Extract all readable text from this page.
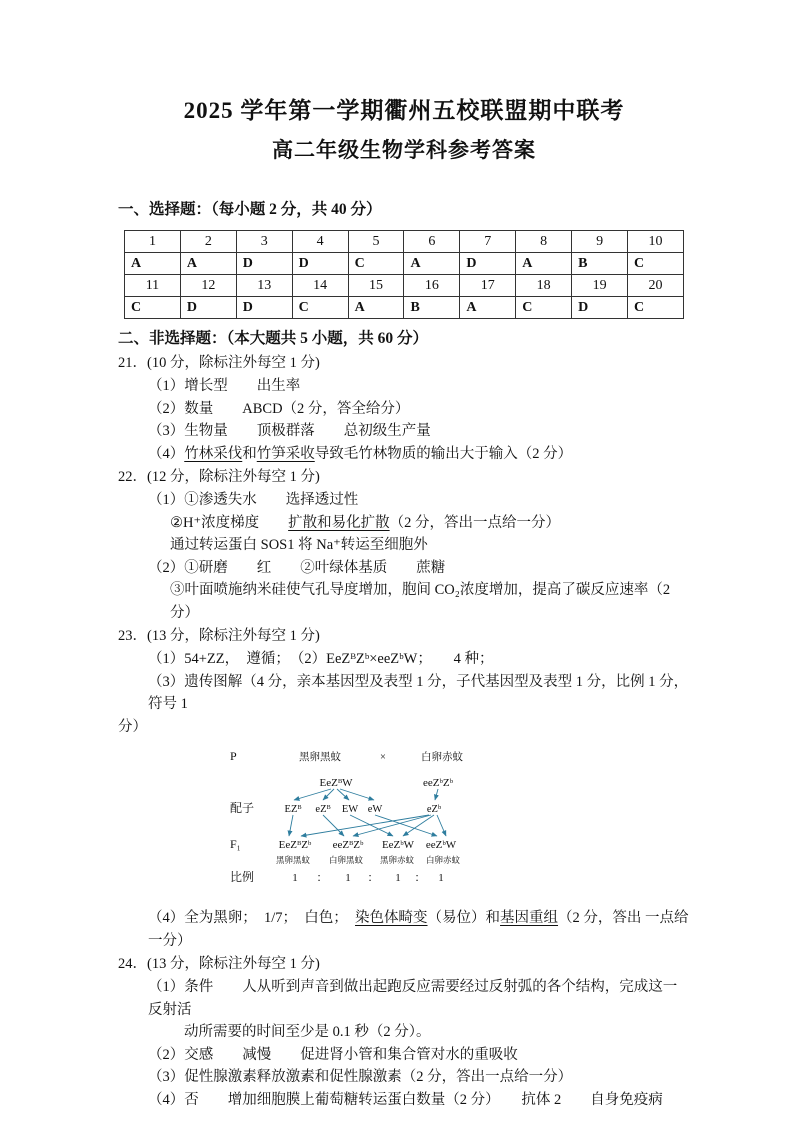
2025 学年第一学期衢州五校联盟期中联考
高二年级生物学科参考答案

一、选择题：（每小题 2 分，共 40 分）

1	2	3	4	5	6	7	8	9	10
A	A	D	D	C	A	D	A	B	C
11	12	13	14	15	16	17	18	19	20
C	D	D	C	A	B	A	C	D	C

二、非选择题：（本大题共 5 小题，共 60 分）

21．(10 分，除标注外每空 1 分)

（1）增长型　　出生率

（2）数量　　ABCD（2 分，答全给分）

（3）生物量　　顶极群落　　总初级生产量

（4）竹林采伐和竹笋采收导致毛竹林物质的输出大于输入（2 分）

22．(12 分，除标注外每空 1 分)

（1）①渗透失水　　选择透过性

②H⁺浓度梯度　　扩散和易化扩散（2 分，答出一点给一分）

通过转运蛋白 SOS1 将 Na⁺转运至细胞外

（2）①研磨　　红　　②叶绿体基质　　蔗糖

③叶面喷施纳米硅使气孔导度增加，胞间 CO₂浓度增加，提高了碳反应速率（2 分）

23．(13 分，除标注外每空 1 分)

（1）54+ZZ，　遵循；　（2）EeZᴮZᵇ×eeZᵇW；　　4 种；

（3）遗传图解（4 分，亲本基因型及表型 1 分，子代基因型及表型 1 分，比例 1 分，符号 1

分）

P	黑卵黑蚊	×	白卵赤蚊
EeZᴮW	eeZᵇZᵇ
配子	EZᴮ eZᴮ EW eW	eZᵇ
F₁	EeZᴮZᵇ eeZᴮZᵇ EeZᵇW eeZᵇW
黑卵黑蚊 白卵黑蚊 黑卵赤蚊 白卵赤蚊
比例	1 ： 1 ： 1 ： 1

（4）全为黑卵；　1/7；　白色；　染色体畸变（易位）和基因重组（2 分，答出 一点给 一分）

24．(13 分，除标注外每空 1 分)

（1）条件　　人从听到声音到做出起跑反应需要经过反射弧的各个结构，完成这一反射活

动所需要的时间至少是 0.1 秒（2 分）。

（2）交感　　减慢　　促进肾小管和集合管对水的重吸收

（3）促性腺激素释放激素和促性腺激素（2 分，答出一点给一分）

（4）否　　增加细胞膜上葡萄糖转运蛋白数量（2 分）　　抗体 2　　自身免疫病
